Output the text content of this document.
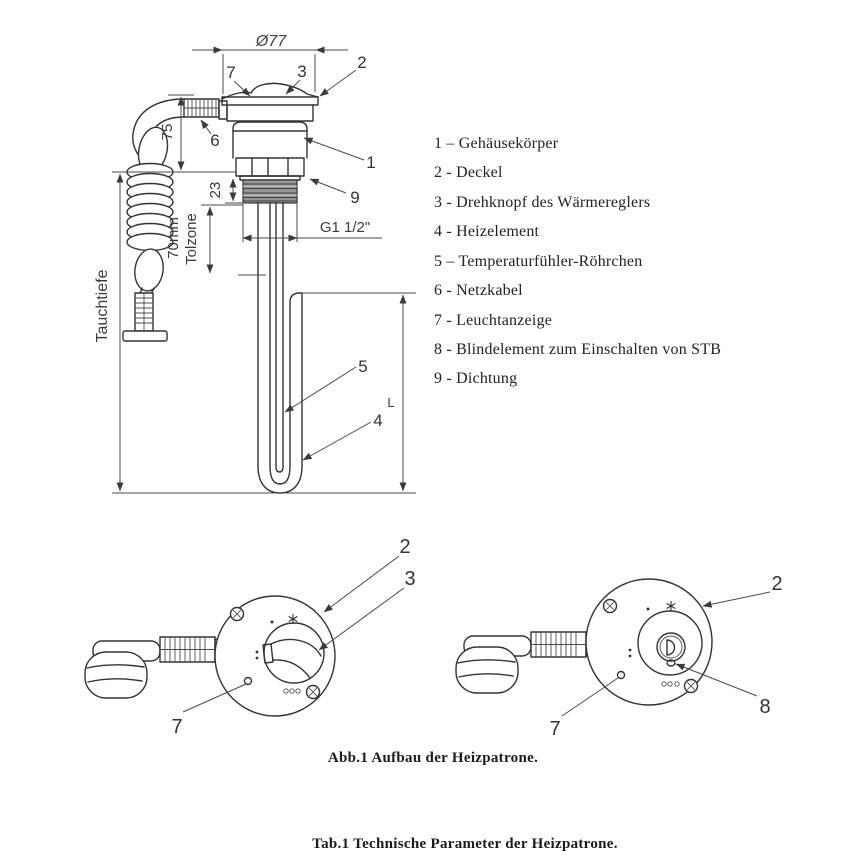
Ø77
75
23
70mm Tolzone
Tauchtiefe
G1 1/2"
L
7	3	2
6
1
9
5
4
1 – Gehäusekörper
2 - Deckel
3 - Drehknopf des Wärmereglers
4 - Heizelement
5 – Temperaturfühler-Röhrchen
6 - Netzkabel
7 - Leuchtanzeige
8 - Blindelement zum Einschalten von STB
9 - Dichtung
2
3
7
2
8
7
Abb.1 Aufbau der Heizpatrone.
Tab.1 Technische Parameter der Heizpatrone.
